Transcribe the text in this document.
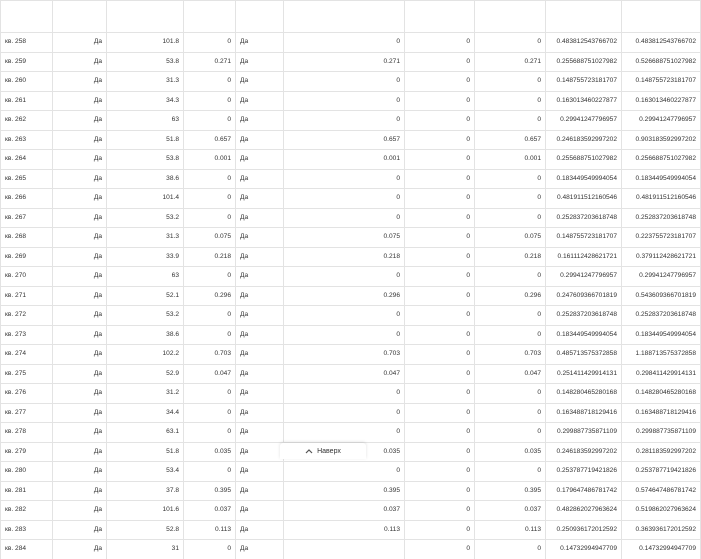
кв. 258	Да	101.8	0	Да	0	0	0	0.483812543766702	0.483812543766702
кв. 259	Да	53.8	0.271	Да	0.271	0	0.271	0.255688751027982	0.526688751027982
кв. 260	Да	31.3	0	Да	0	0	0	0.148755723181707	0.148755723181707
кв. 261	Да	34.3	0	Да	0	0	0	0.163013460227877	0.163013460227877
кв. 262	Да	63	0	Да	0	0	0	0.29941247796957	0.29941247796957
кв. 263	Да	51.8	0.657	Да	0.657	0	0.657	0.246183592997202	0.903183592997202
кв. 264	Да	53.8	0.001	Да	0.001	0	0.001	0.255688751027982	0.256688751027982
кв. 265	Да	38.6	0	Да	0	0	0	0.183449549994054	0.183449549994054
кв. 266	Да	101.4	0	Да	0	0	0	0.481911512160546	0.481911512160546
кв. 267	Да	53.2	0	Да	0	0	0	0.252837203618748	0.252837203618748
кв. 268	Да	31.3	0.075	Да	0.075	0	0.075	0.148755723181707	0.223755723181707
кв. 269	Да	33.9	0.218	Да	0.218	0	0.218	0.161112428621721	0.379112428621721
кв. 270	Да	63	0	Да	0	0	0	0.29941247796957	0.29941247796957
кв. 271	Да	52.1	0.296	Да	0.296	0	0.296	0.247609366701819	0.543609366701819
кв. 272	Да	53.2	0	Да	0	0	0	0.252837203618748	0.252837203618748
кв. 273	Да	38.6	0	Да	0	0	0	0.183449549994054	0.183449549994054
кв. 274	Да	102.2	0.703	Да	0.703	0	0.703	0.485713575372858	1.188713575372858
кв. 275	Да	52.9	0.047	Да	0.047	0	0.047	0.251411429914131	0.298411429914131
кв. 276	Да	31.2	0	Да	0	0	0	0.148280465280168	0.148280465280168
кв. 277	Да	34.4	0	Да	0	0	0	0.163488718129416	0.163488718129416
кв. 278	Да	63.1	0	Да	0	0	0	0.299887735871109	0.299887735871109
кв. 279	Да	51.8	0.035	Да	0.035	0	0.035	0.246183592997202	0.281183592997202
кв. 280	Да	53.4	0	Да	0	0	0	0.253787719421826	0.253787719421826
кв. 281	Да	37.8	0.395	Да	0.395	0	0.395	0.179647486781742	0.574647486781742
кв. 282	Да	101.6	0.037	Да	0.037	0	0.037	0.482862027963624	0.519862027963624
кв. 283	Да	52.8	0.113	Да	0.113	0	0.113	0.250936172012592	0.363936172012592
кв. 284	Да	31	0	Да		0	0	0.14732994947709	0.14732994947709
Наверх
